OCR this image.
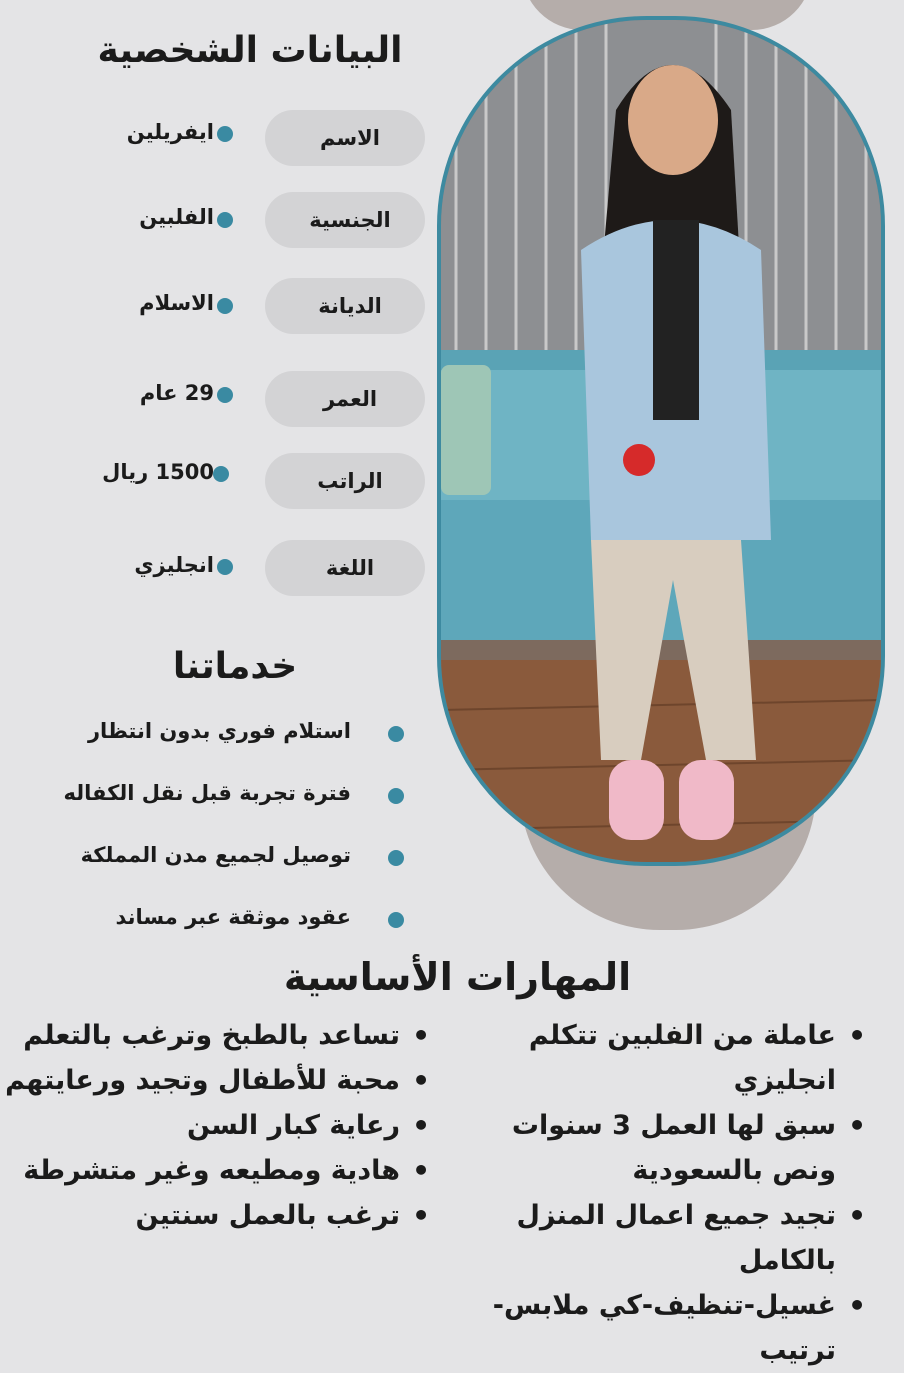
البيانات الشخصية
الاسم
ايفريلين
الجنسية
الفلبين
الديانة
الاسلام
العمر
29 عام
الراتب
1500 ريال
اللغة
انجليزي
خدماتنا
استلام فوري بدون انتظار
فترة تجربة قبل نقل الكفاله
توصيل لجميع مدن المملكة
عقود موثقة عبر مساند
المهارات الأساسية
• عاملة من الفلبين تتكلم انجليزي
• سبق لها العمل 3 سنوات ونص بالسعودية
• تجيد جميع اعمال المنزل بالكامل
• غسيل-تنظيف-كي ملابس-ترتيب
• تساعد بالطبخ وترغب بالتعلم
• محبة للأطفال وتجيد ورعايتهم
• رعاية كبار السن
• هادية ومطيعه وغير متشرطة
• ترغب بالعمل سنتين
